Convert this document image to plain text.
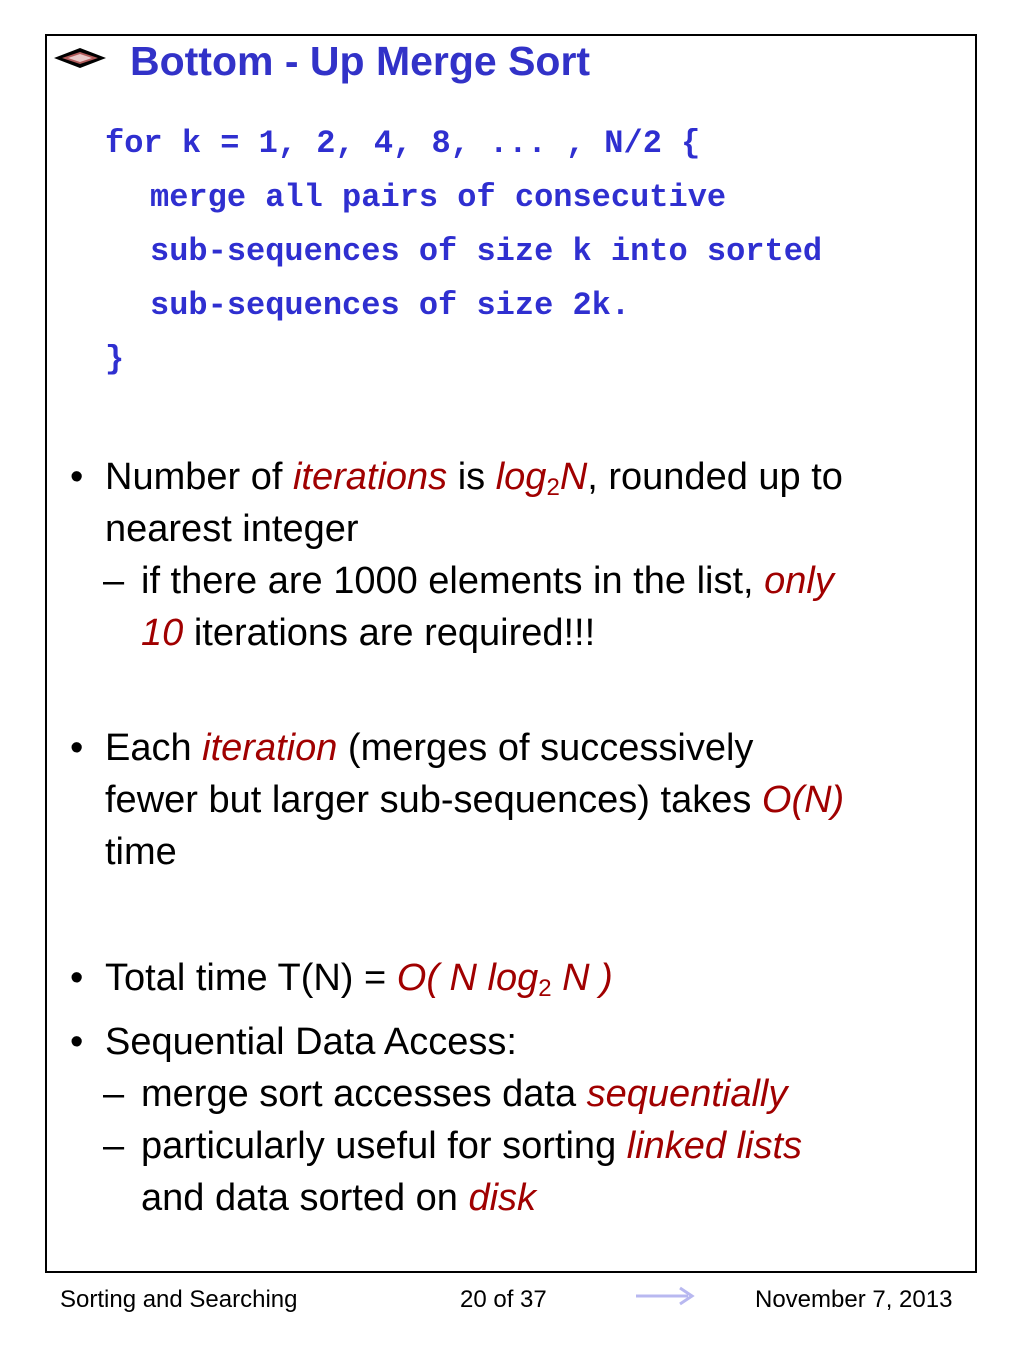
Bottom - Up Merge Sort
for k = 1, 2, 4, 8, ... , N/2 {
merge all pairs of consecutive
sub-sequences of size k into sorted
sub-sequences of size 2k.
}

• Number of iterations is $\log_2N$, rounded up to

nearest integer

– if there are 1000 elements in the list, only

10 iterations are required!!!

• Each iteration (merges of successively

fewer but larger sub-sequences) takes O(N)

time

• Total time T(N) = O( N $\log_2 N$ )

• Sequential Data Access:

– merge sort accesses data sequentially

– particularly useful for sorting linked lists

and data sorted on disk

Sorting and Searching	20 of 37	November 7, 2013
